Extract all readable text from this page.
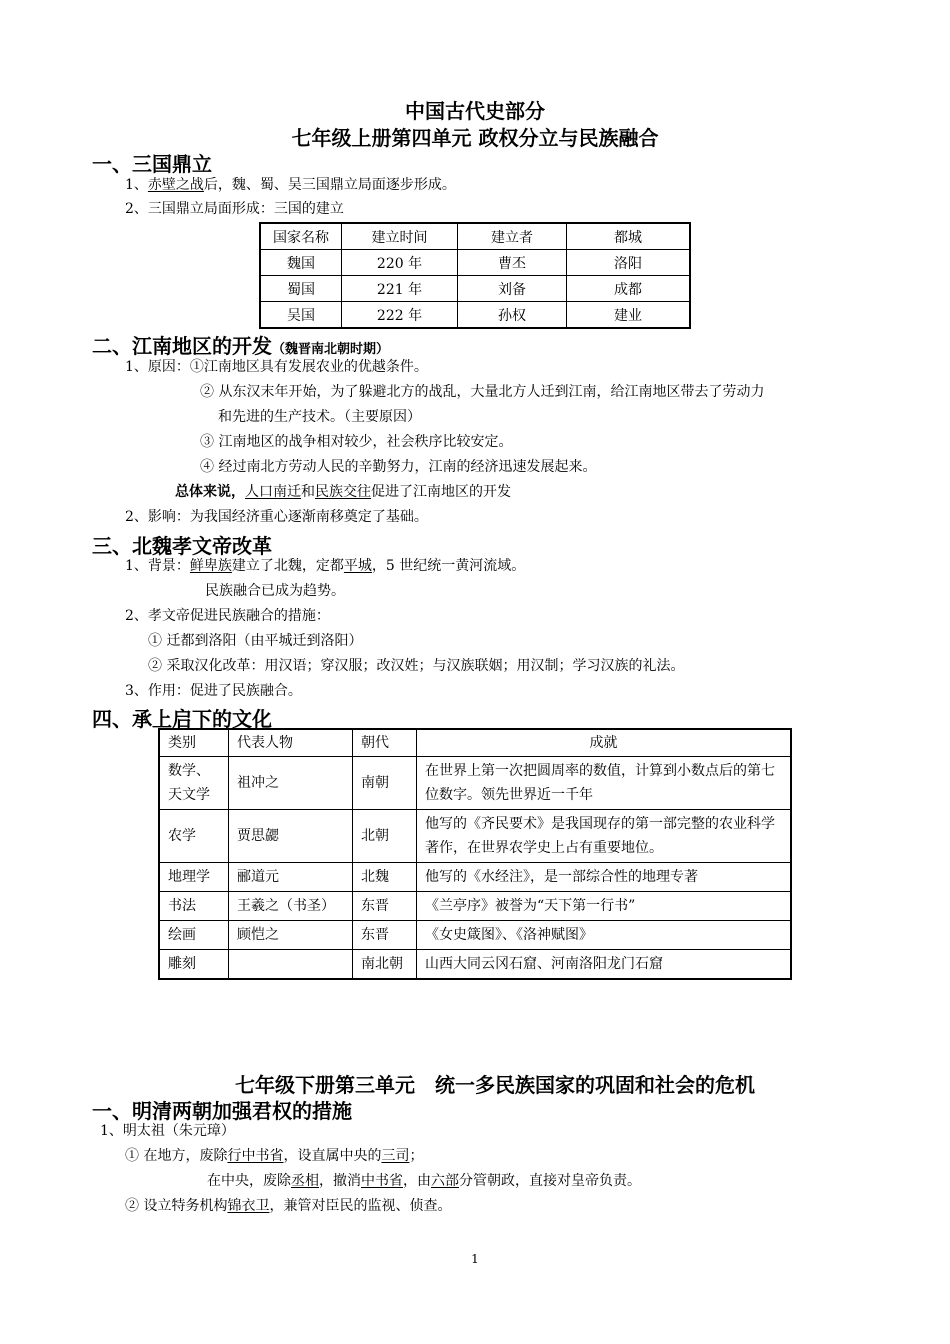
中国古代史部分
七年级上册第四单元 政权分立与民族融合
一、三国鼎立
1、赤壁之战后，魏、蜀、吴三国鼎立局面逐步形成。
2、三国鼎立局面形成：三国的建立
国家名称	建立时间	建立者	都城
魏国	220 年	曹丕	洛阳
蜀国	221 年	刘备	成都
吴国	222 年	孙权	建业
二、江南地区的开发（魏晋南北朝时期）
1、原因：①江南地区具有发展农业的优越条件。
② 从东汉末年开始，为了躲避北方的战乱，大量北方人迁到江南，给江南地区带去了劳动力
和先进的生产技术。（主要原因）
③ 江南地区的战争相对较少，社会秩序比较安定。
④ 经过南北方劳动人民的辛勤努力，江南的经济迅速发展起来。
总体来说，人口南迁和民族交往促进了江南地区的开发
2、影响：为我国经济重心逐渐南移奠定了基础。
三、北魏孝文帝改革
1、背景：鲜卑族建立了北魏，定都平城，5 世纪统一黄河流域。
民族融合已成为趋势。
2、孝文帝促进民族融合的措施：
① 迁都到洛阳（由平城迁到洛阳）
② 采取汉化改革：用汉语；穿汉服；改汉姓；与汉族联姻；用汉制；学习汉族的礼法。
3、作用：促进了民族融合。
四、承上启下的文化
类别	代表人物	朝代	成就
数学、天文学	祖冲之	南朝	在世界上第一次把圆周率的数值，计算到小数点后的第七位数字。领先世界近一千年
农学	贾思勰	北朝	他写的《齐民要术》是我国现存的第一部完整的农业科学著作，在世界农学史上占有重要地位。
地理学	郦道元	北魏	他写的《水经注》，是一部综合性的地理专著
书法	王羲之（书圣）	东晋	《兰亭序》被誉为“天下第一行书”
绘画	顾恺之	东晋	《女史箴图》、《洛神赋图》
雕刻		南北朝	山西大同云冈石窟、河南洛阳龙门石窟
七年级下册第三单元　统一多民族国家的巩固和社会的危机
一、明清两朝加强君权的措施
1、明太祖（朱元璋）
① 在地方，废除行中书省，设直属中央的三司；
在中央，废除丞相，撤消中书省，由六部分管朝政，直接对皇帝负责。
② 设立特务机构锦衣卫，兼管对臣民的监视、侦查。
1
